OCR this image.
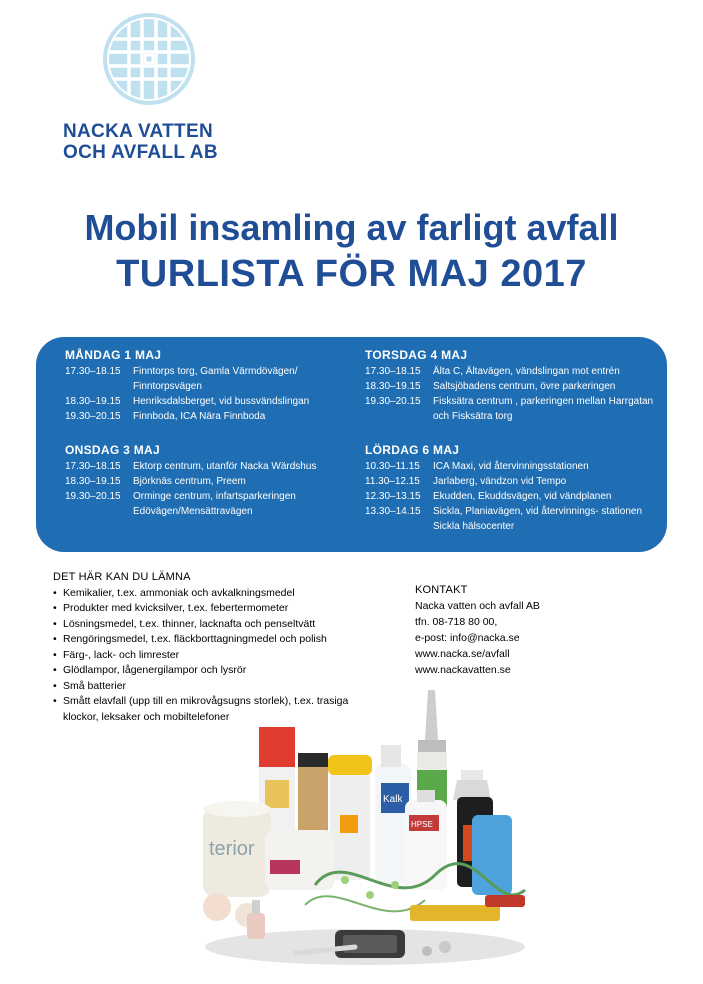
NACKA VATTEN
OCH AVFALL AB
Mobil insamling av farligt avfall
TURLISTA FÖR MAJ 2017
MÅNDAG 1 MAJ
17.30–18.15	Finntorps torg, Gamla Värmdövägen/ Finntorpsvägen
18.30–19.15	Henriksdalsberget, vid bussvändslingan
19.30–20.15	Finnboda, ICA Nära Finnboda
ONSDAG 3 MAJ
17.30–18.15	Ektorp centrum, utanför Nacka Wärdshus
18.30–19.15	Björknäs centrum, Preem
19.30–20.15	Orminge centrum, infartsparkeringen Edövägen/Mensättravägen
TORSDAG 4 MAJ
17.30–18.15	Älta C, Ältavägen, vändslingan mot entrén
18.30–19.15	Saltsjöbadens centrum, övre parkeringen
19.30–20.15	Fisksätra centrum , parkeringen mellan Harrgatan och Fisksätra torg
LÖRDAG 6 MAJ
10.30–11.15	ICA Maxi, vid återvinningsstationen
11.30–12.15	Jarlaberg, vändzon vid Tempo
12.30–13.15	Ekudden, Ekuddsvägen, vid vändplanen
13.30–14.15	Sickla, Planiavägen, vid återvinnings- stationen Sickla hälsocenter
DET HÄR KAN DU LÄMNA
• Kemikalier, t.ex. ammoniak och avkalkningsmedel
• Produkter med kvicksilver, t.ex. febertermometer
• Lösningsmedel, t.ex. thinner, lacknafta och penseltvätt
• Rengöringsmedel, t.ex. fläckborttagningmedel och polish
• Färg-, lack- och limrester
• Glödlampor, lågenergilampor och lysrör
• Små batterier
• Smått elavfall (upp till en mikrovågsugns storlek), t.ex. trasiga klockor, leksaker och mobiltelefoner
KONTAKT
Nacka vatten och avfall AB
tfn. 08-718 80 00,
e-post: info@nacka.se
www.nacka.se/avfall
www.nackavatten.se
Kalk
HPSE
terior
